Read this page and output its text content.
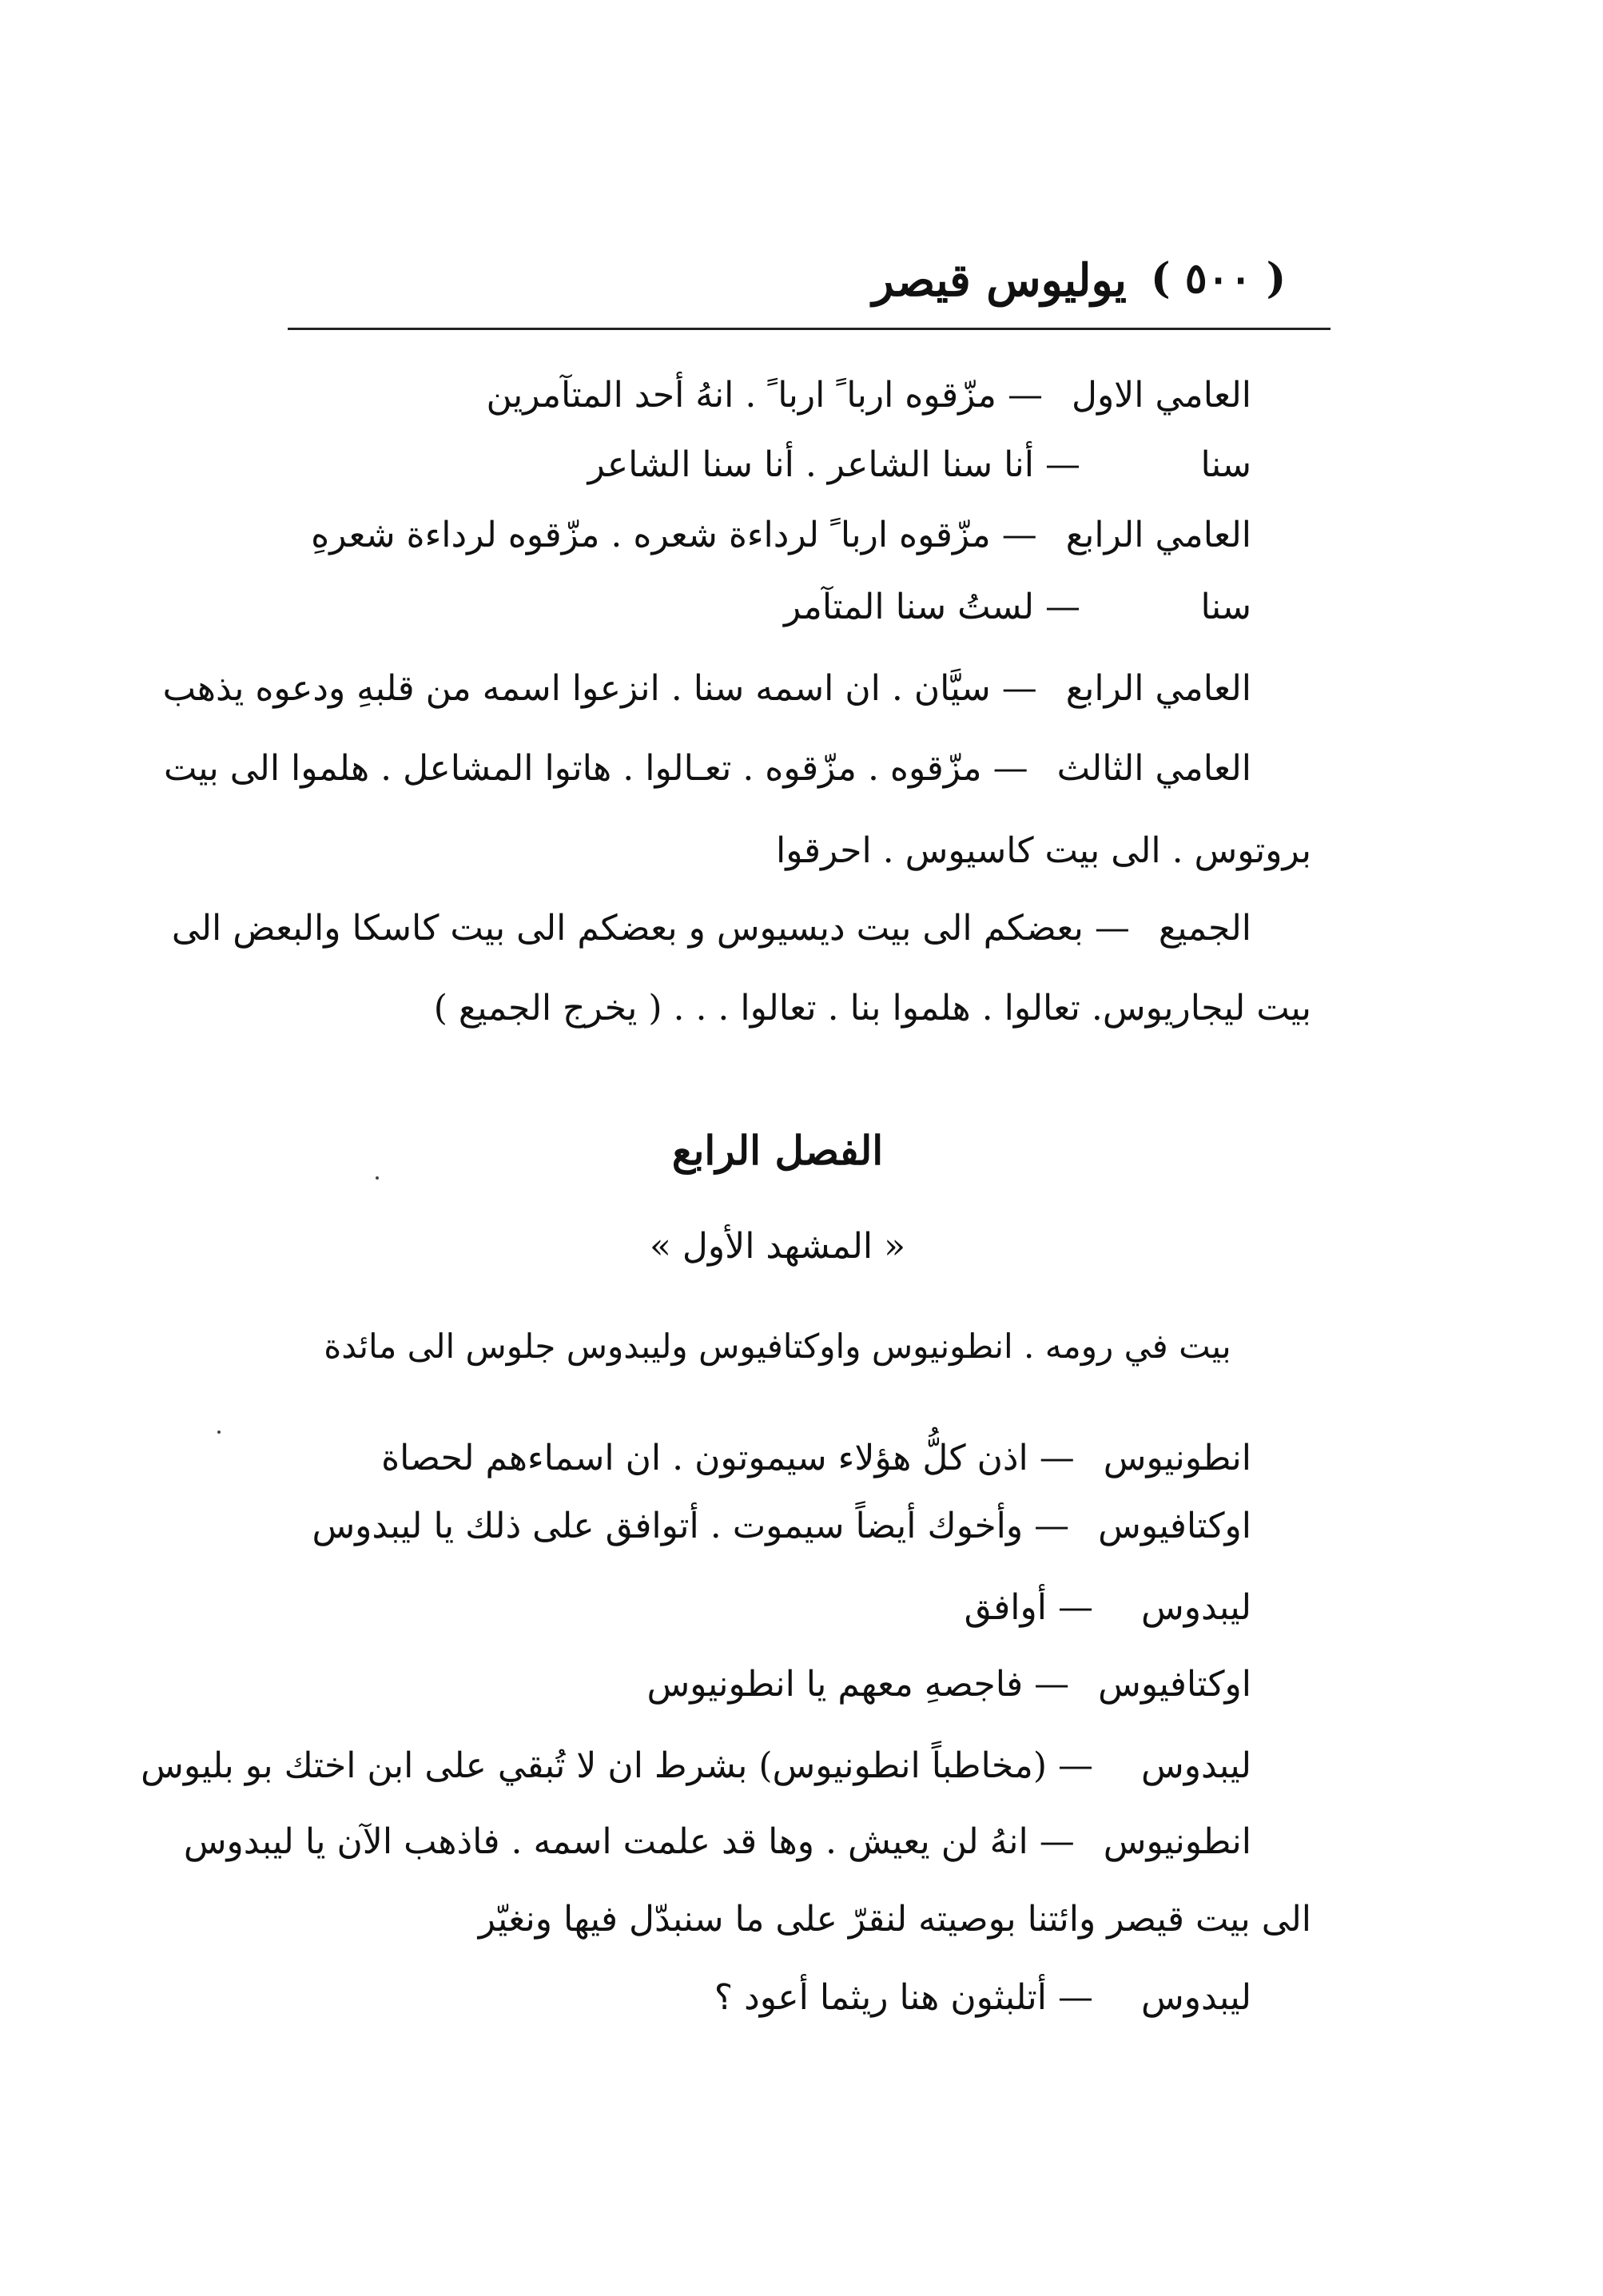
( ٥٠٠ )
يوليوس قيصر
العامي الاول  — مزّقوه اربا ً اربا ً . انهُ أحد المتآمرين
سنا — أنا سنا الشاعر . أنا سنا الشاعر
العامي الرابع  — مزّقوه اربا ً لرداءة شعره . مزّقوه لرداءة شعرهِ
سنا — لستُ سنا المتآمر
العامي الرابع  — سيَّان . ان اسمه سنا . انزعوا اسمه من قلبهِ ودعوه يذهب
العامي الثالث  — مزّقوه . مزّقوه . تعـالوا . هاتوا المشاعل . هلموا الى بيت
بروتوس . الى بيت كاسيوس . احرقوا
الجميع  — بعضكم الى بيت ديسيوس و بعضكم الى بيت كاسكا والبعض الى
بيت ليجاريوس. تعالوا . هلموا بنا . تعالوا . . . ( يخرج الجميع )
الفصل الرابع
« المشهد الأول »
بيت في رومه . انطونيوس واوكتافيوس وليبدوس جلوس الى مائدة
انطونيوس  — اذن كلُّ هؤلاء سيموتون . ان اسماءهم لحصاة
اوكتافيوس  — وأخوك أيضاً سيموت . أتوافق على ذلك يا ليبدوس
ليبدوس  — أوافق
اوكتافيوس  — فاجصهِ معهم يا انطونيوس
ليبدوس  — (مخاطباً انطونيوس) بشرط ان لا تُبقي على ابن اختك بو بليوس
انطونيوس  — انهُ لن يعيش . وها قد علمت اسمه . فاذهب الآن يا ليبدوس
الى بيت قيصر وائتنا بوصيته لنقرّ على ما سنبدّل فيها ونغيّر
ليبدوس  — أتلبثون هنا ريثما أعود ؟
